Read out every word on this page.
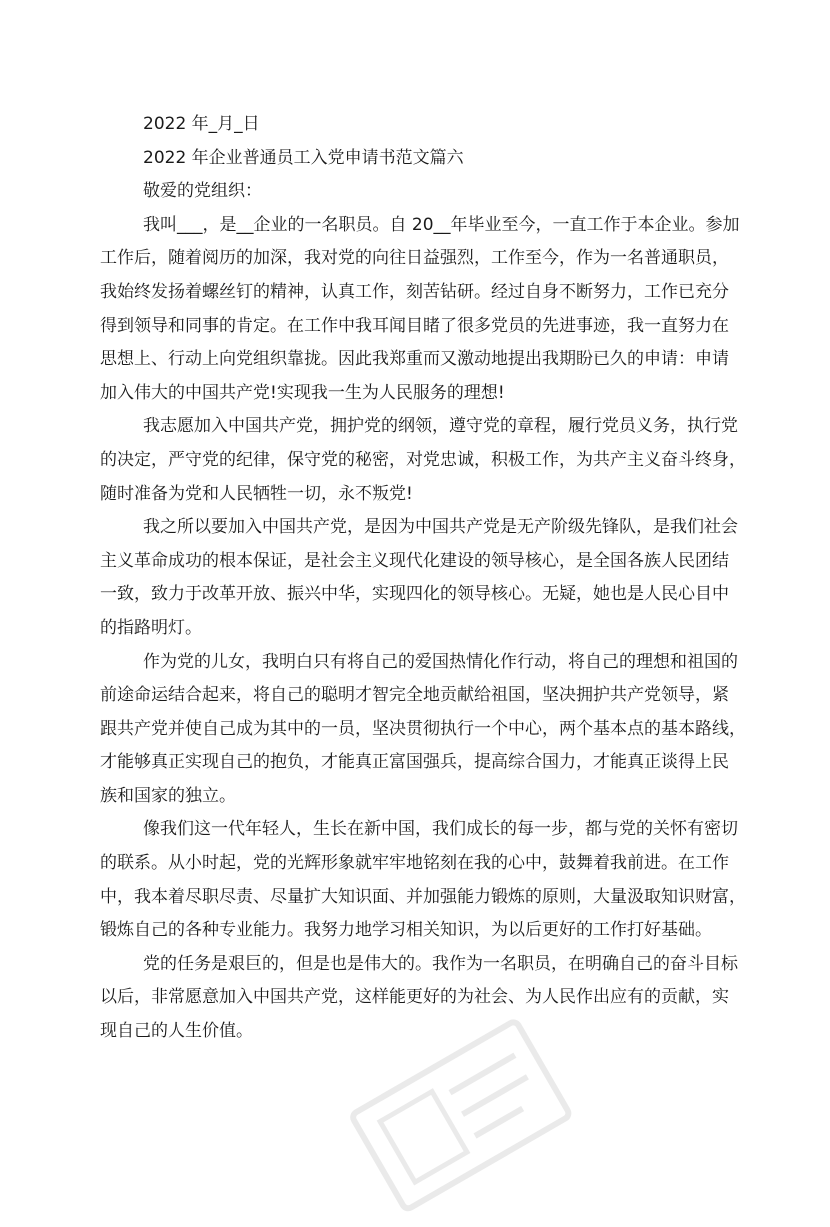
2022 年_月_日

2022 年企业普通员工入党申请书范文篇六

敬爱的党组织：

我叫___，是__企业的一名职员。自 20__年毕业至今，一直工作于本企业。参加
工作后，随着阅历的加深，我对党的向往日益强烈，工作至今，作为一名普通职员，
我始终发扬着螺丝钉的精神，认真工作，刻苦钻研。经过自身不断努力，工作已充分
得到领导和同事的肯定。在工作中我耳闻目睹了很多党员的先进事迹，我一直努力在
思想上、行动上向党组织靠拢。因此我郑重而又激动地提出我期盼已久的申请：申请
加入伟大的中国共产党!实现我一生为人民服务的理想!
我志愿加入中国共产党，拥护党的纲领，遵守党的章程，履行党员义务，执行党
的决定，严守党的纪律，保守党的秘密，对党忠诚，积极工作，为共产主义奋斗终身，
随时准备为党和人民牺牲一切，永不叛党!
我之所以要加入中国共产党，是因为中国共产党是无产阶级先锋队，是我们社会
主义革命成功的根本保证，是社会主义现代化建设的领导核心，是全国各族人民团结
一致，致力于改革开放、振兴中华，实现四化的领导核心。无疑，她也是人民心目中
的指路明灯。
作为党的儿女，我明白只有将自己的爱国热情化作行动，将自己的理想和祖国的
前途命运结合起来，将自己的聪明才智完全地贡献给祖国，坚决拥护共产党领导，紧
跟共产党并使自己成为其中的一员，坚决贯彻执行一个中心，两个基本点的基本路线，
才能够真正实现自己的抱负，才能真正富国强兵，提高综合国力，才能真正谈得上民
族和国家的独立。
像我们这一代年轻人，生长在新中国，我们成长的每一步，都与党的关怀有密切
的联系。从小时起，党的光辉形象就牢牢地铭刻在我的心中，鼓舞着我前进。在工作
中，我本着尽职尽责、尽量扩大知识面、并加强能力锻炼的原则，大量汲取知识财富，
锻炼自己的各种专业能力。我努力地学习相关知识，为以后更好的工作打好基础。
党的任务是艰巨的，但是也是伟大的。我作为一名职员，在明确自己的奋斗目标
以后，非常愿意加入中国共产党，这样能更好的为社会、为人民作出应有的贡献，实
现自己的人生价值。
